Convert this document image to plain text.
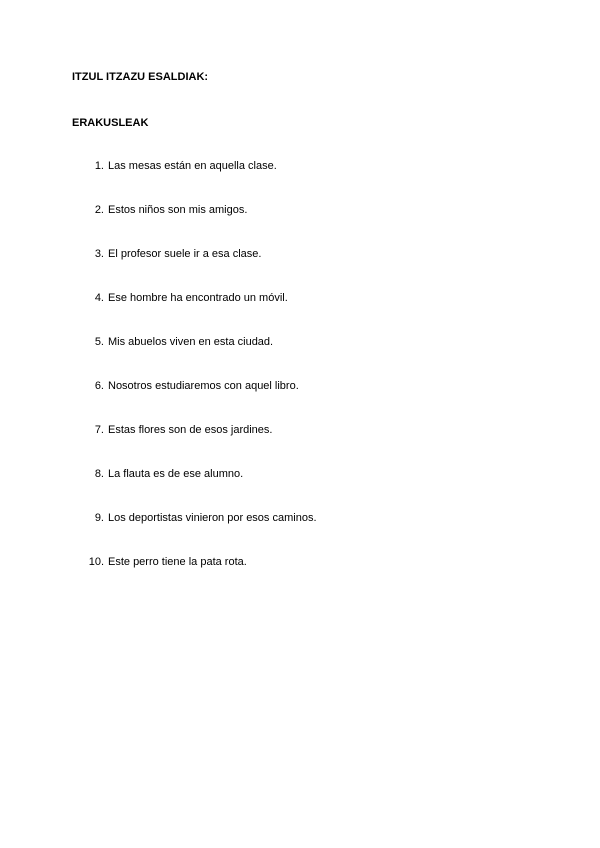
ITZUL ITZAZU ESALDIAK:
ERAKUSLEAK
1. Las mesas están en aquella clase.
2. Estos niños son mis amigos.
3. El profesor suele ir a esa clase.
4. Ese hombre ha encontrado un móvil.
5. Mis abuelos viven en esta ciudad.
6. Nosotros estudiaremos con aquel libro.
7. Estas flores son de esos jardines.
8. La flauta es de ese alumno.
9. Los deportistas vinieron por esos caminos.
10. Este perro tiene la pata rota.
